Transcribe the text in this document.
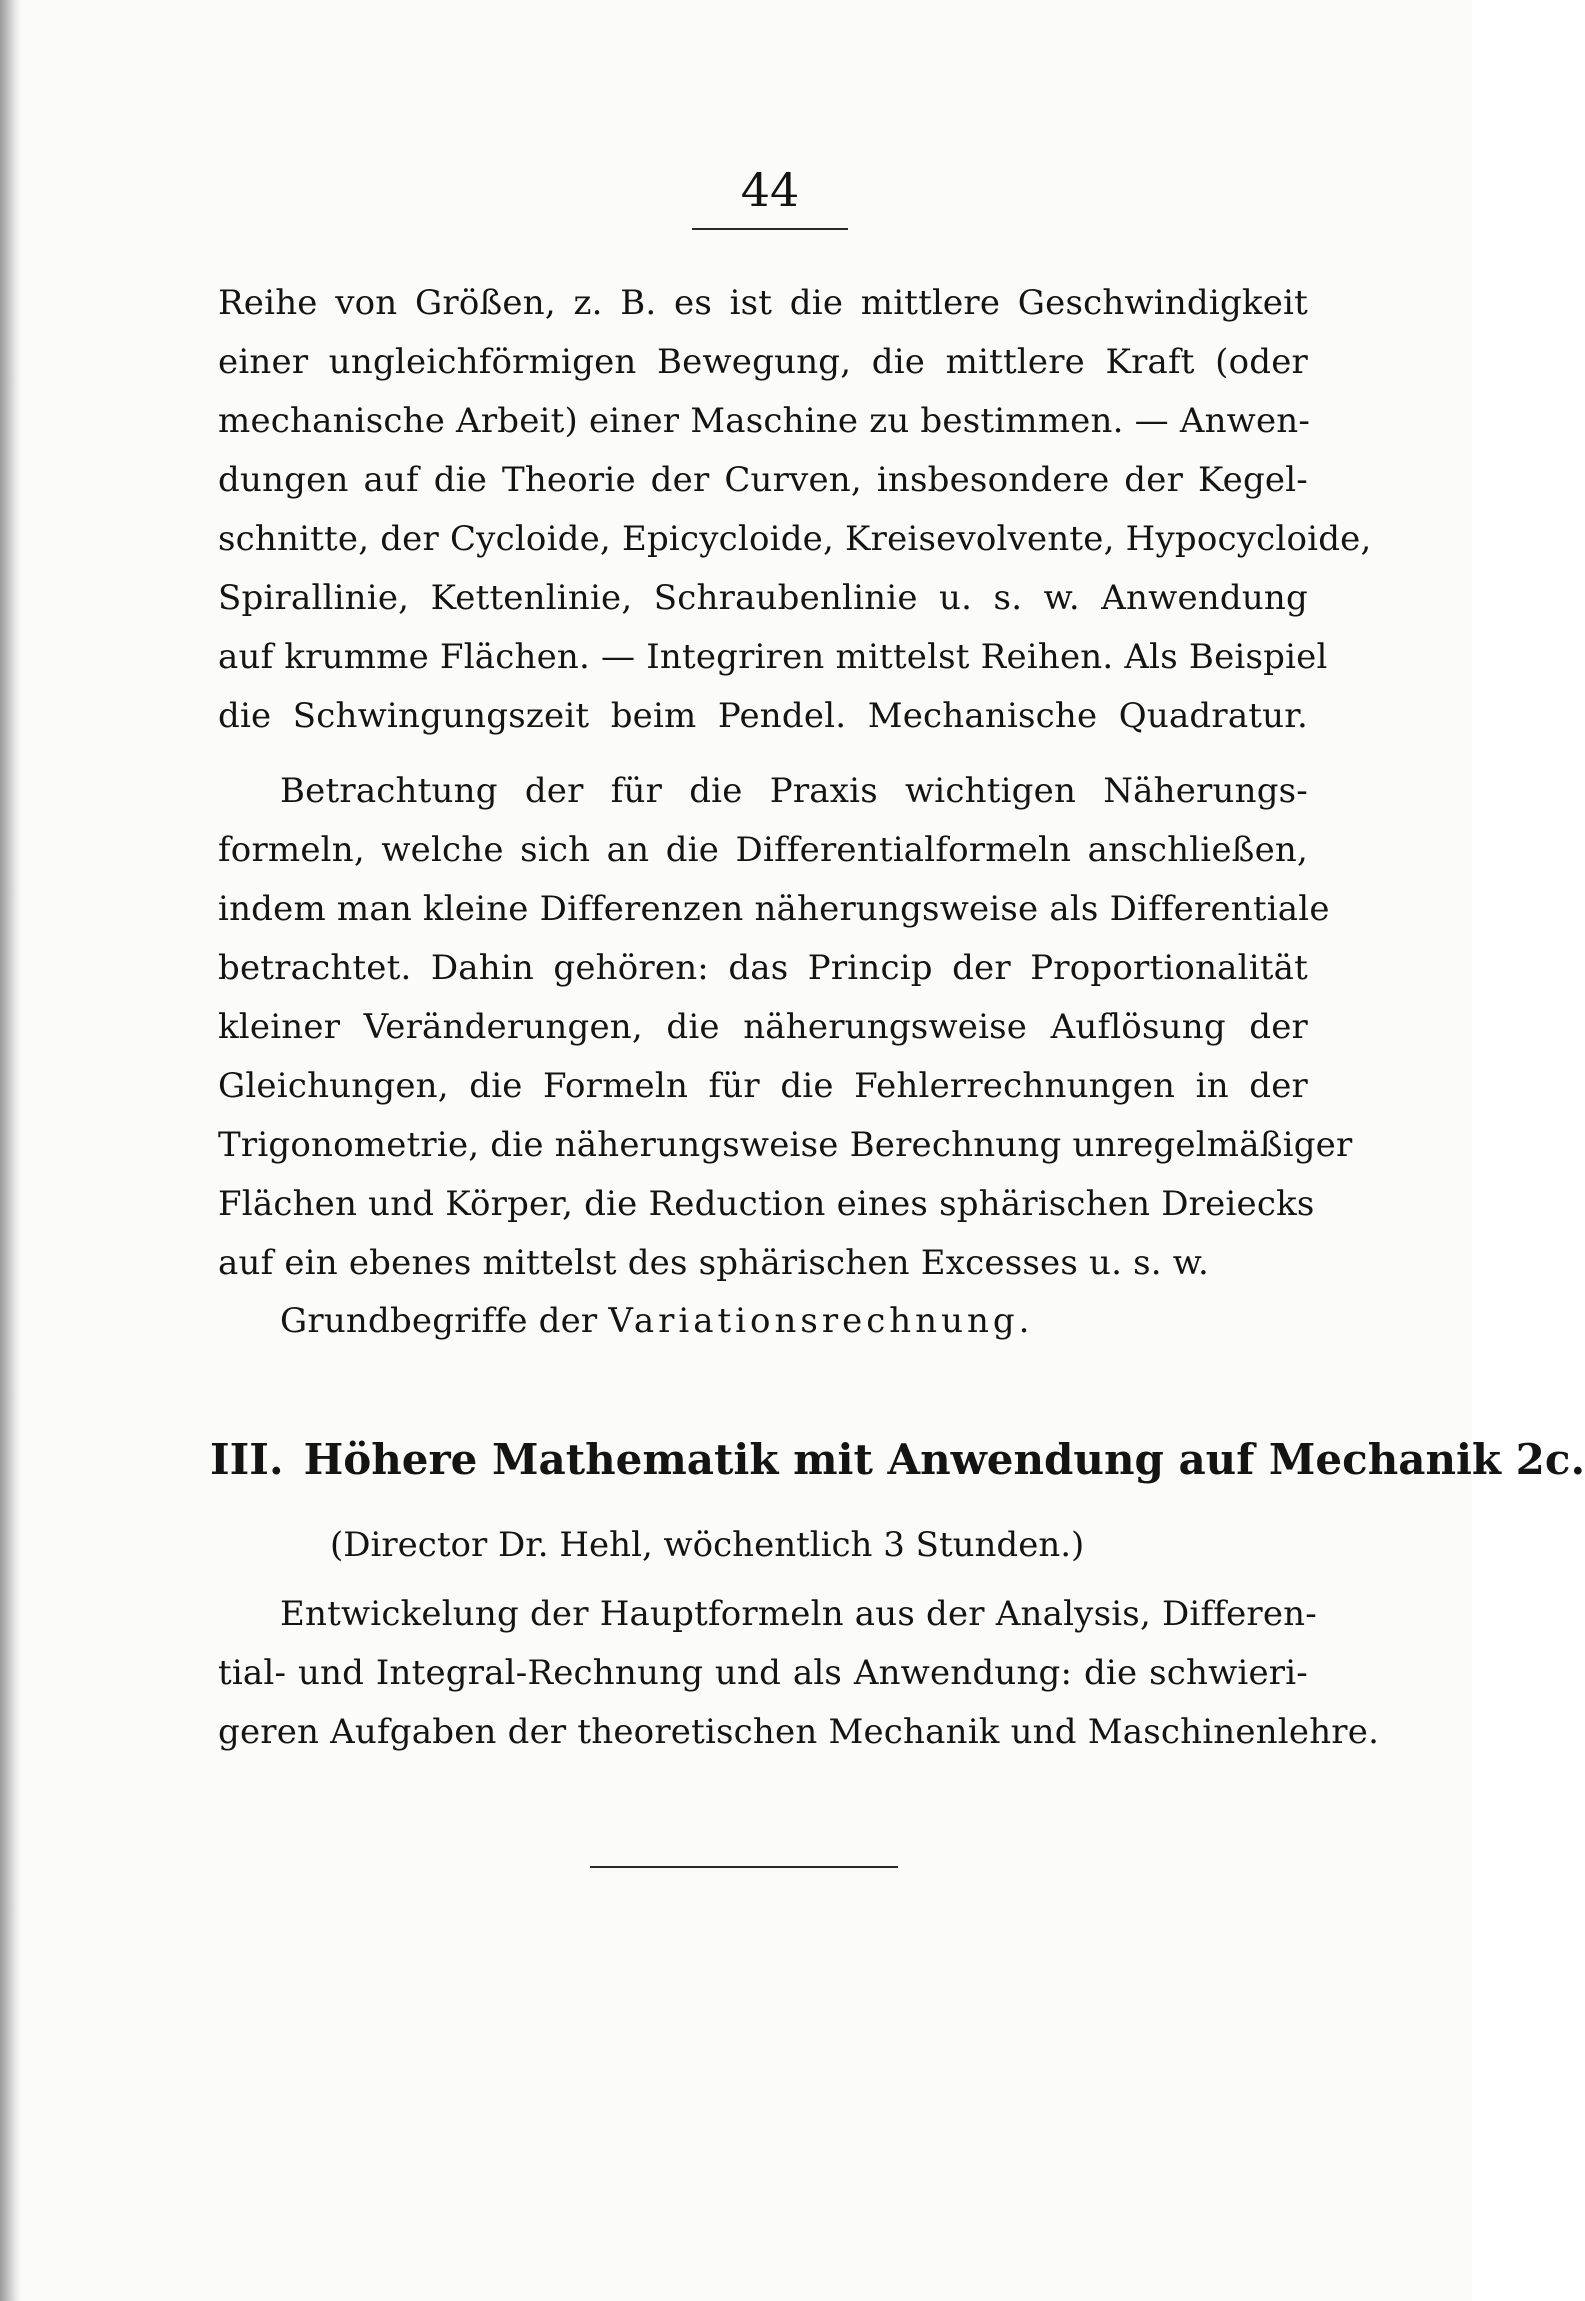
44
Reihe von Größen, z. B. es ist die mittlere Geschwindigkeit
einer ungleichförmigen Bewegung, die mittlere Kraft (oder
mechanische Arbeit) einer Maschine zu bestimmen. — Anwen-
dungen auf die Theorie der Curven, insbesondere der Kegel-
schnitte, der Cycloide, Epicycloide, Kreisevolvente, Hypocycloide,
Spirallinie, Kettenlinie, Schraubenlinie u. s. w. Anwendung
auf krumme Flächen. — Integriren mittelst Reihen. Als Beispiel
die Schwingungszeit beim Pendel. Mechanische Quadratur.
Betrachtung der für die Praxis wichtigen Näherungs-
formeln, welche sich an die Differentialformeln anschließen,
indem man kleine Differenzen näherungsweise als Differentiale
betrachtet. Dahin gehören: das Princip der Proportionalität
kleiner Veränderungen, die näherungsweise Auflösung der
Gleichungen, die Formeln für die Fehlerrechnungen in der
Trigonometrie, die näherungsweise Berechnung unregelmäßiger
Flächen und Körper, die Reduction eines sphärischen Dreiecks
auf ein ebenes mittelst des sphärischen Excesses u. s. w.
Grundbegriffe der Variationsrechnung.
III. Höhere Mathematik mit Anwendung auf Mechanik 2c.
(Director Dr. Hehl, wöchentlich 3 Stunden.)
Entwickelung der Hauptformeln aus der Analysis, Differen-
tial- und Integral-Rechnung und als Anwendung: die schwieri-
geren Aufgaben der theoretischen Mechanik und Maschinenlehre.
